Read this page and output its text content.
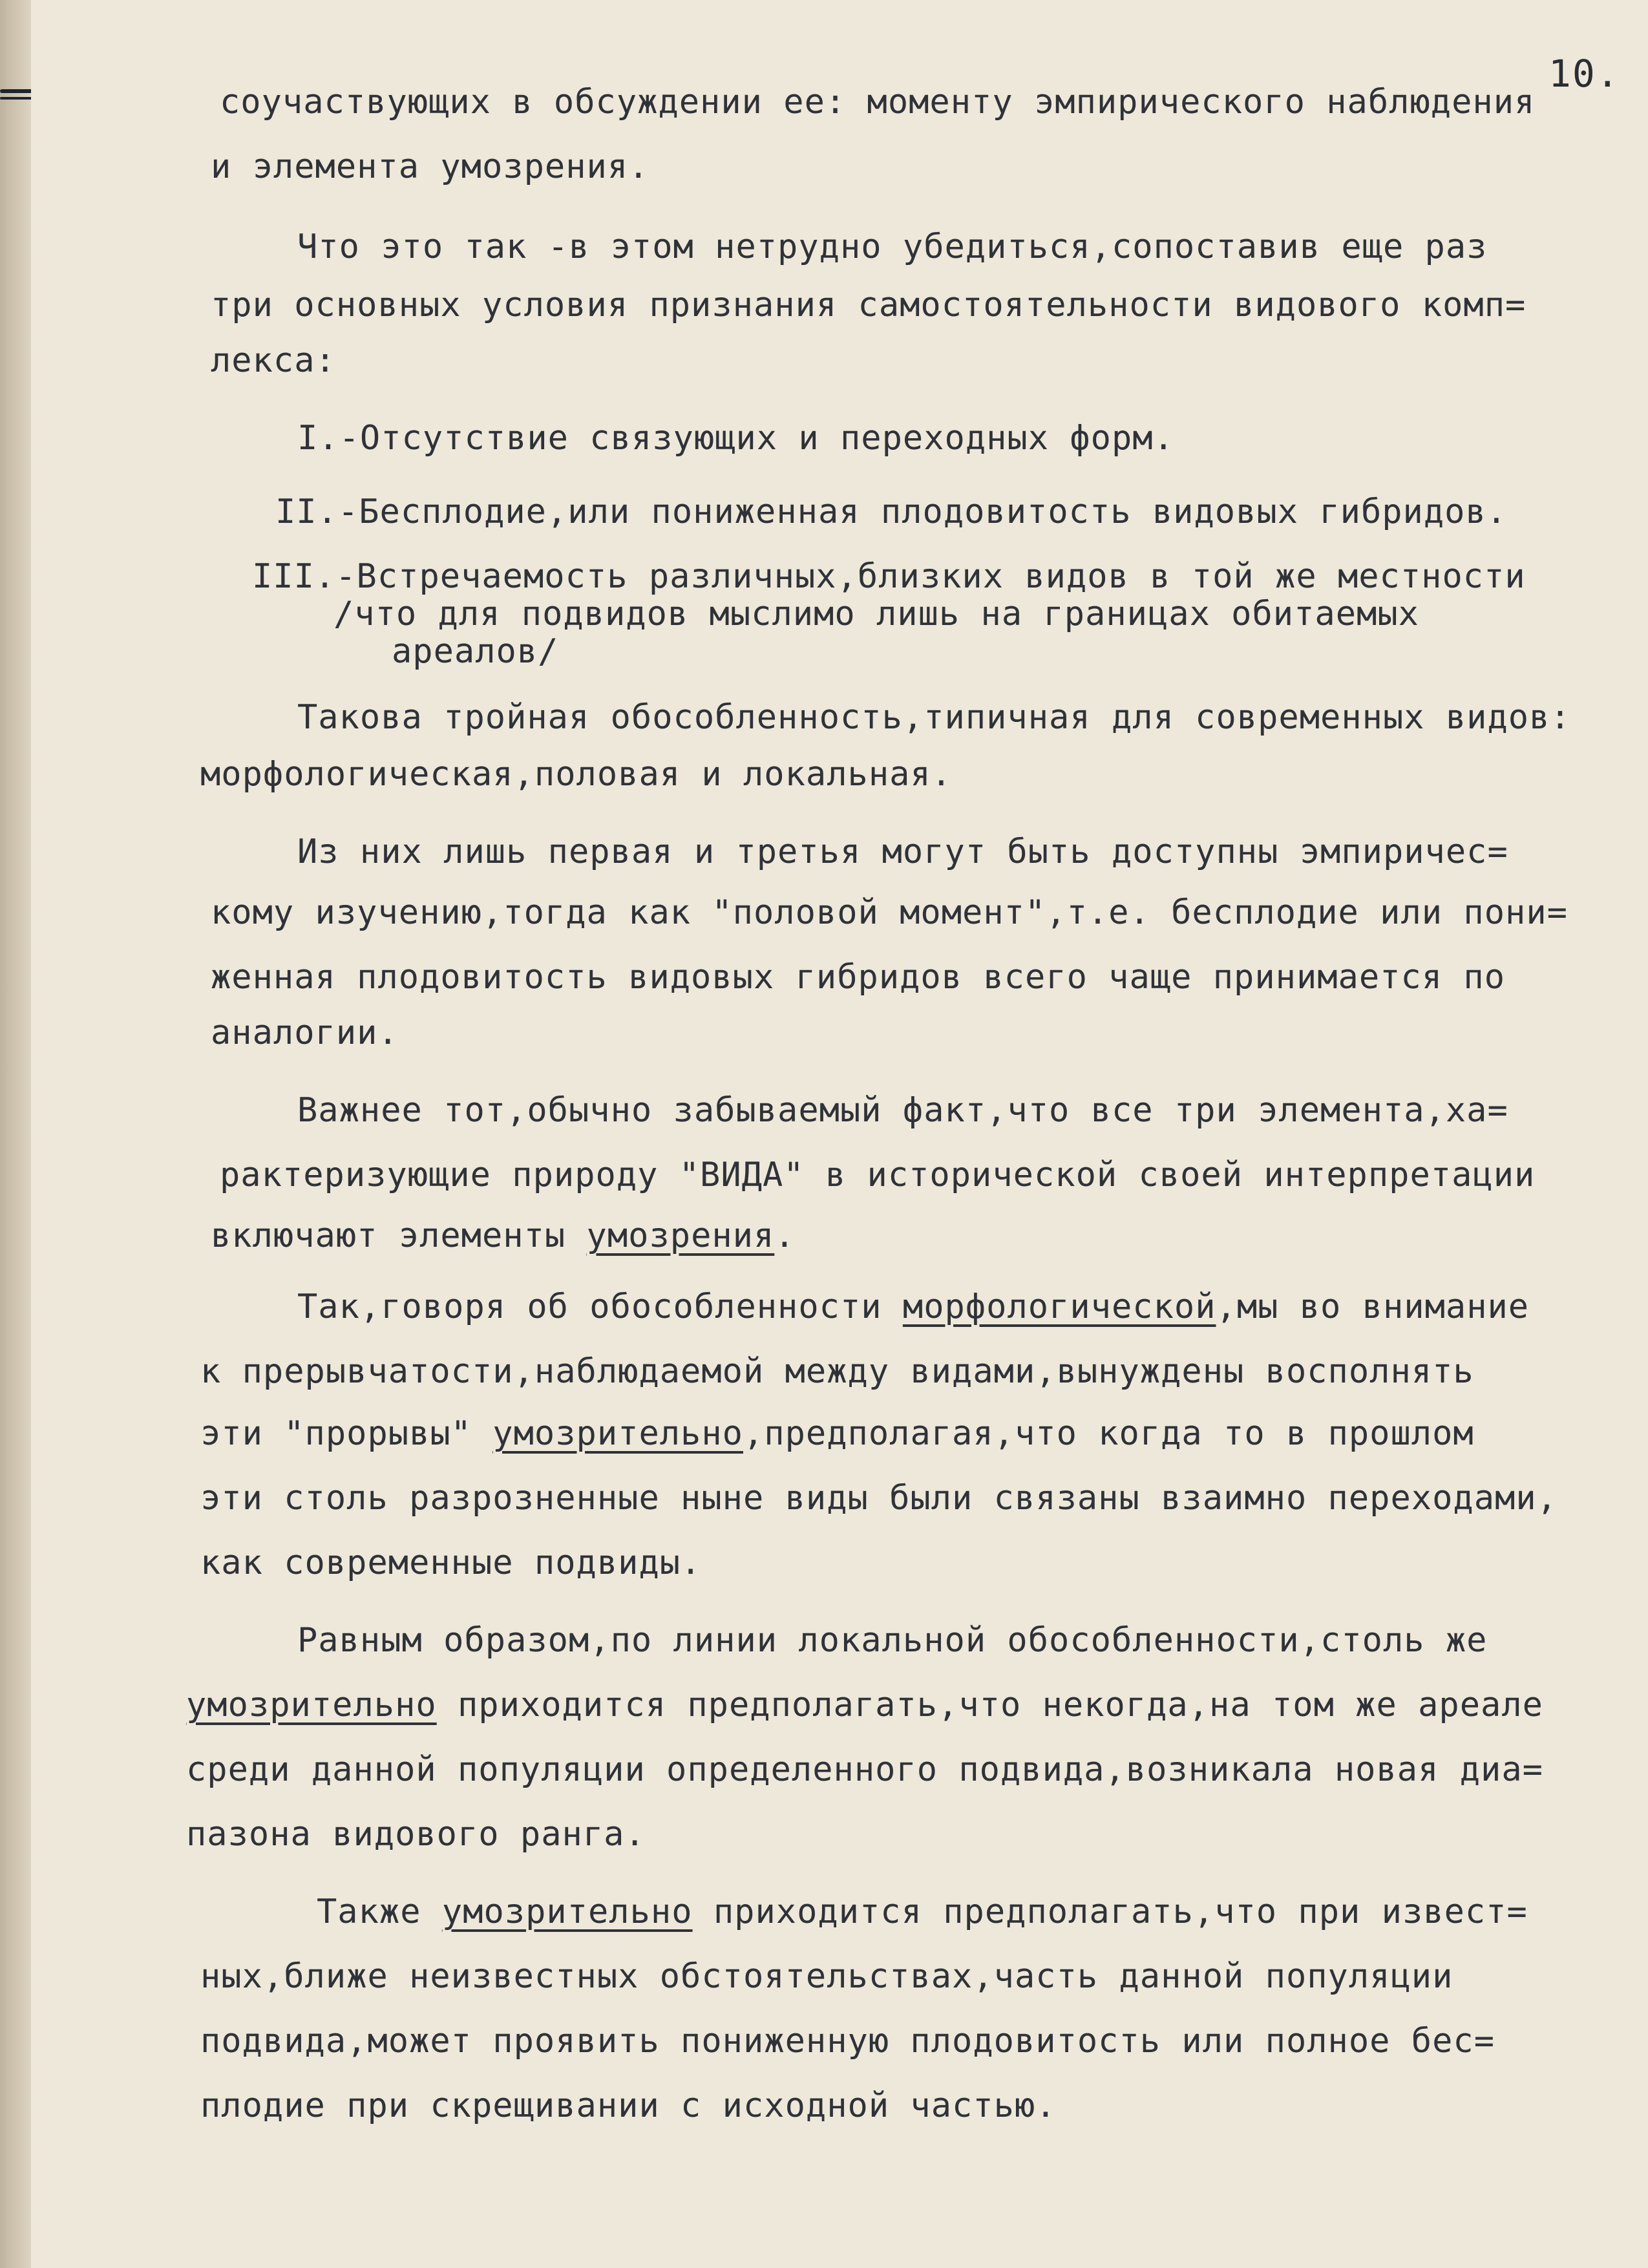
10.

соучаствующих в обсуждении ее: моменту эмпирического наблюдения

и элемента умозрения.

Что это так -в этом нетрудно убедиться,сопоставив еще раз

три основных условия признания самостоятельности видового комп=

лекса:

I.-Отсутствие связующих и переходных форм.

II.-Бесплодие,или пониженная плодовитость видовых гибридов.

III.-Встречаемость различных,близких видов в той же местности

/что для подвидов мыслимо лишь на границах обитаемых

ареалов/

Такова тройная обособленность,типичная для современных видов:

морфологическая,половая и локальная.

Из них лишь первая и третья могут быть доступны эмпиричес=

кому изучению,тогда как "половой момент",т.е. бесплодие или пони=

женная плодовитость видовых гибридов всего чаще принимается по

аналогии.

Важнее тот,обычно забываемый факт,что все три элемента,ха=

рактеризующие природу "ВИДА" в исторической своей интерпретации

включают элементы умозрения.

Так,говоря об обособленности морфологической,мы во внимание

к прерывчатости,наблюдаемой между видами,вынуждены восполнять

эти "прорывы" умозрительно,предполагая,что когда то в прошлом

эти столь разрозненные ныне виды были связаны взаимно переходами,

как современные подвиды.

Равным образом,по линии локальной обособленности,столь же

умозрительно приходится предполагать,что некогда,на том же ареале

среди данной популяции определенного подвида,возникала новая диа=

пазона видового ранга.

Также умозрительно приходится предполагать,что при извест=

ных,ближе неизвестных обстоятельствах,часть данной популяции

подвида,может проявить пониженную плодовитость или полное бес=

плодие при скрещивании с исходной частью.
